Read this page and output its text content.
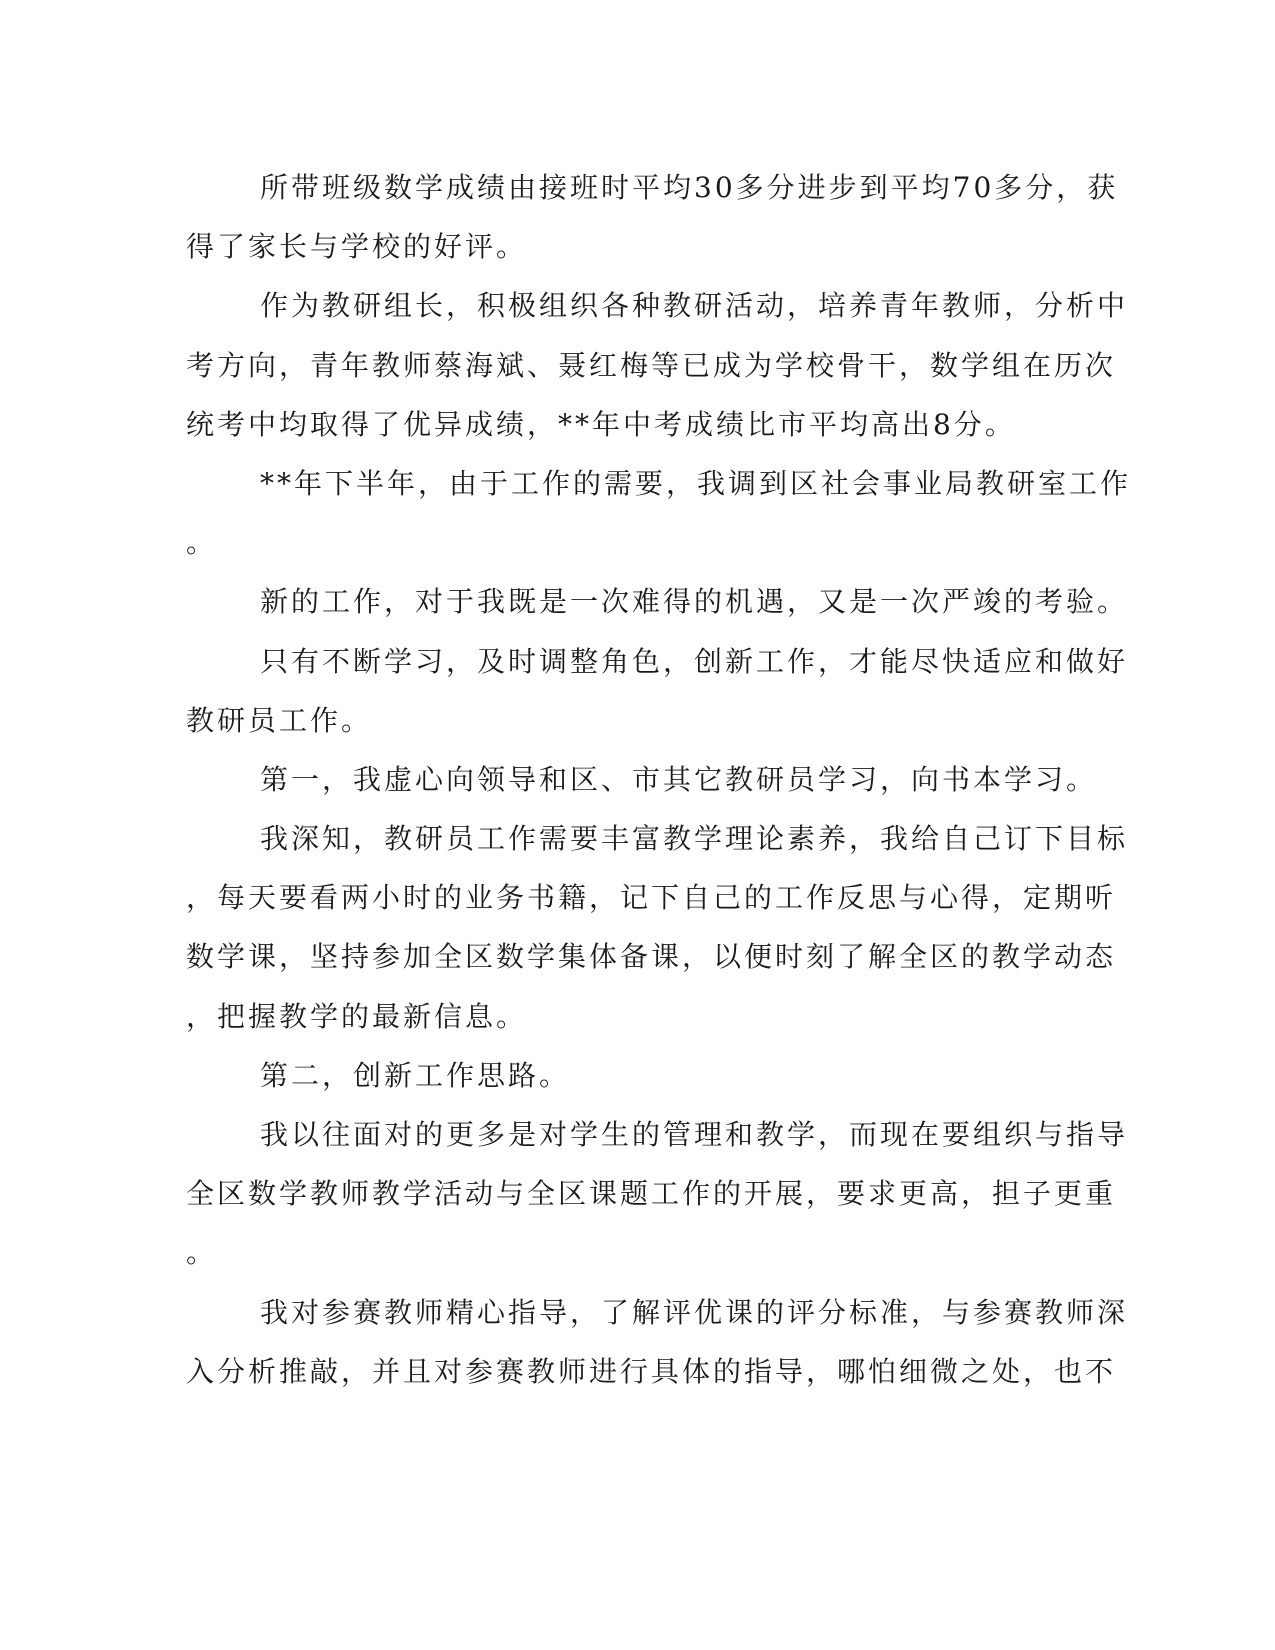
所带班级数学成绩由接班时平均30多分进步到平均70多分，获
得了家长与学校的好评。
作为教研组长，积极组织各种教研活动，培养青年教师，分析中
考方向，青年教师蔡海斌、聂红梅等已成为学校骨干，数学组在历次
统考中均取得了优异成绩，**年中考成绩比市平均高出8分。
**年下半年，由于工作的需要，我调到区社会事业局教研室工作
。
新的工作，对于我既是一次难得的机遇，又是一次严竣的考验。
只有不断学习，及时调整角色，创新工作，才能尽快适应和做好
教研员工作。
第一，我虚心向领导和区、市其它教研员学习，向书本学习。
我深知，教研员工作需要丰富教学理论素养，我给自己订下目标
，每天要看两小时的业务书籍，记下自己的工作反思与心得，定期听
数学课，坚持参加全区数学集体备课，以便时刻了解全区的教学动态
，把握教学的最新信息。
第二，创新工作思路。
我以往面对的更多是对学生的管理和教学，而现在要组织与指导
全区数学教师教学活动与全区课题工作的开展，要求更高，担子更重
。
我对参赛教师精心指导，了解评优课的评分标准，与参赛教师深
入分析推敲，并且对参赛教师进行具体的指导，哪怕细微之处，也不
